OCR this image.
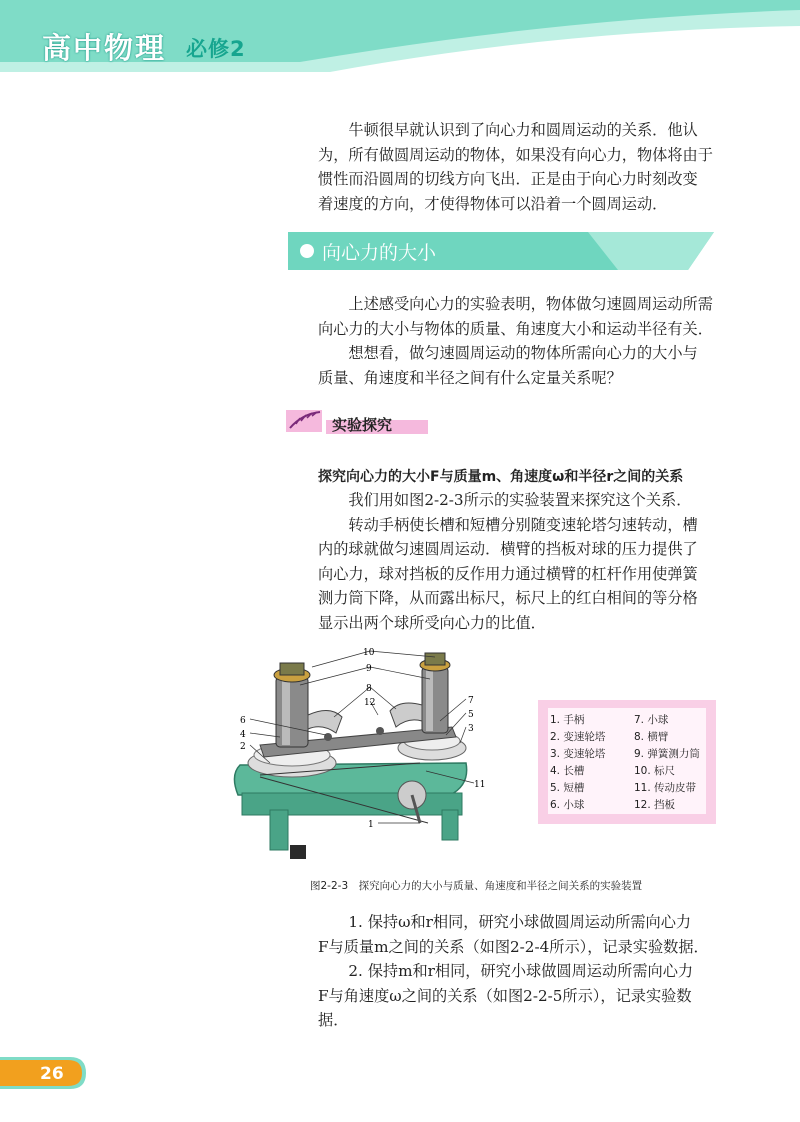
高中物理 必修2
牛顿很早就认识到了向心力和圆周运动的关系．他认
为，所有做圆周运动的物体，如果没有向心力，物体将由于
惯性而沿圆周的切线方向飞出．正是由于向心力时刻改变
着速度的方向，才使得物体可以沿着一个圆周运动．
向心力的大小
上述感受向心力的实验表明，物体做匀速圆周运动所需
向心力的大小与物体的质量、角速度大小和运动半径有关．
想想看，做匀速圆周运动的物体所需向心力的大小与
质量、角速度和半径之间有什么定量关系呢？
实验探究
探究向心力的大小F与质量m、角速度ω和半径r之间的关系
我们用如图2-2-3所示的实验装置来探究这个关系．
转动手柄使长槽和短槽分别随变速轮塔匀速转动，槽
内的球就做匀速圆周运动．横臂的挡板对球的压力提供了
向心力，球对挡板的反作用力通过横臂的杠杆作用使弹簧
测力筒下降，从而露出标尺，标尺上的红白相间的等分格
显示出两个球所受向心力的比值．
10
9
8
12	7
5
3
6
4
2
11
1
1. 手柄
2. 变速轮塔
3. 变速轮塔
4. 长槽
5. 短槽
6. 小球
7. 小球
8. 横臂
9. 弹簧测力筒
10. 标尺
11. 传动皮带
12. 挡板
图2-2-3　探究向心力的大小与质量、角速度和半径之间关系的实验装置
1. 保持ω和r相同，研究小球做圆周运动所需向心力
F与质量m之间的关系（如图2-2-4所示），记录实验数据．
2. 保持m和r相同，研究小球做圆周运动所需向心力
F与角速度ω之间的关系（如图2-2-5所示），记录实验数据．
26
